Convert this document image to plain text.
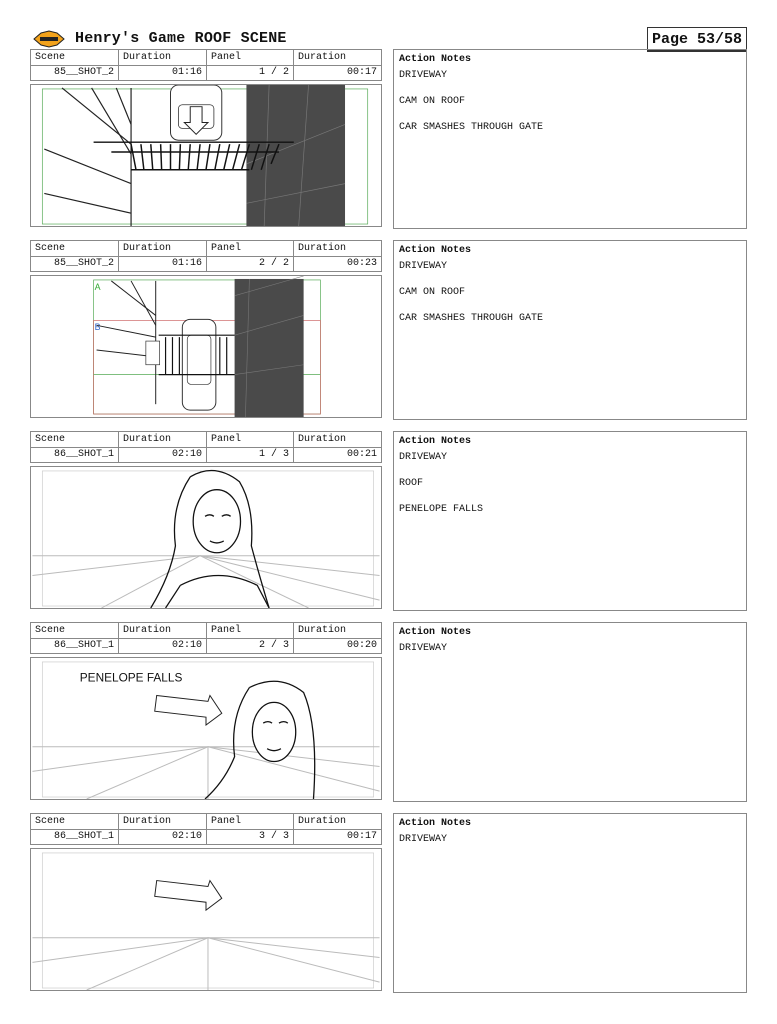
Henry's Game ROOF SCENE	Page 53/58
Scene
85__SHOT_2
Duration
01:16
Panel
1 / 2
Duration
00:17
Action Notes
DRIVEWAY
CAM ON ROOF
CAR SMASHES THROUGH GATE
Scene
85__SHOT_2
Duration
01:16
Panel
2 / 2
Duration
00:23
A
B
Action Notes
DRIVEWAY
CAM ON ROOF
CAR SMASHES THROUGH GATE
Scene
86__SHOT_1
Duration
02:10
Panel
1 / 3
Duration
00:21
Action Notes
DRIVEWAY
ROOF
PENELOPE FALLS
Scene
86__SHOT_1
Duration
02:10
Panel
2 / 3
Duration
00:20
PENELOPE FALLS
Action Notes
DRIVEWAY
Scene
86__SHOT_1
Duration
02:10
Panel
3 / 3
Duration
00:17
Action Notes
DRIVEWAY
